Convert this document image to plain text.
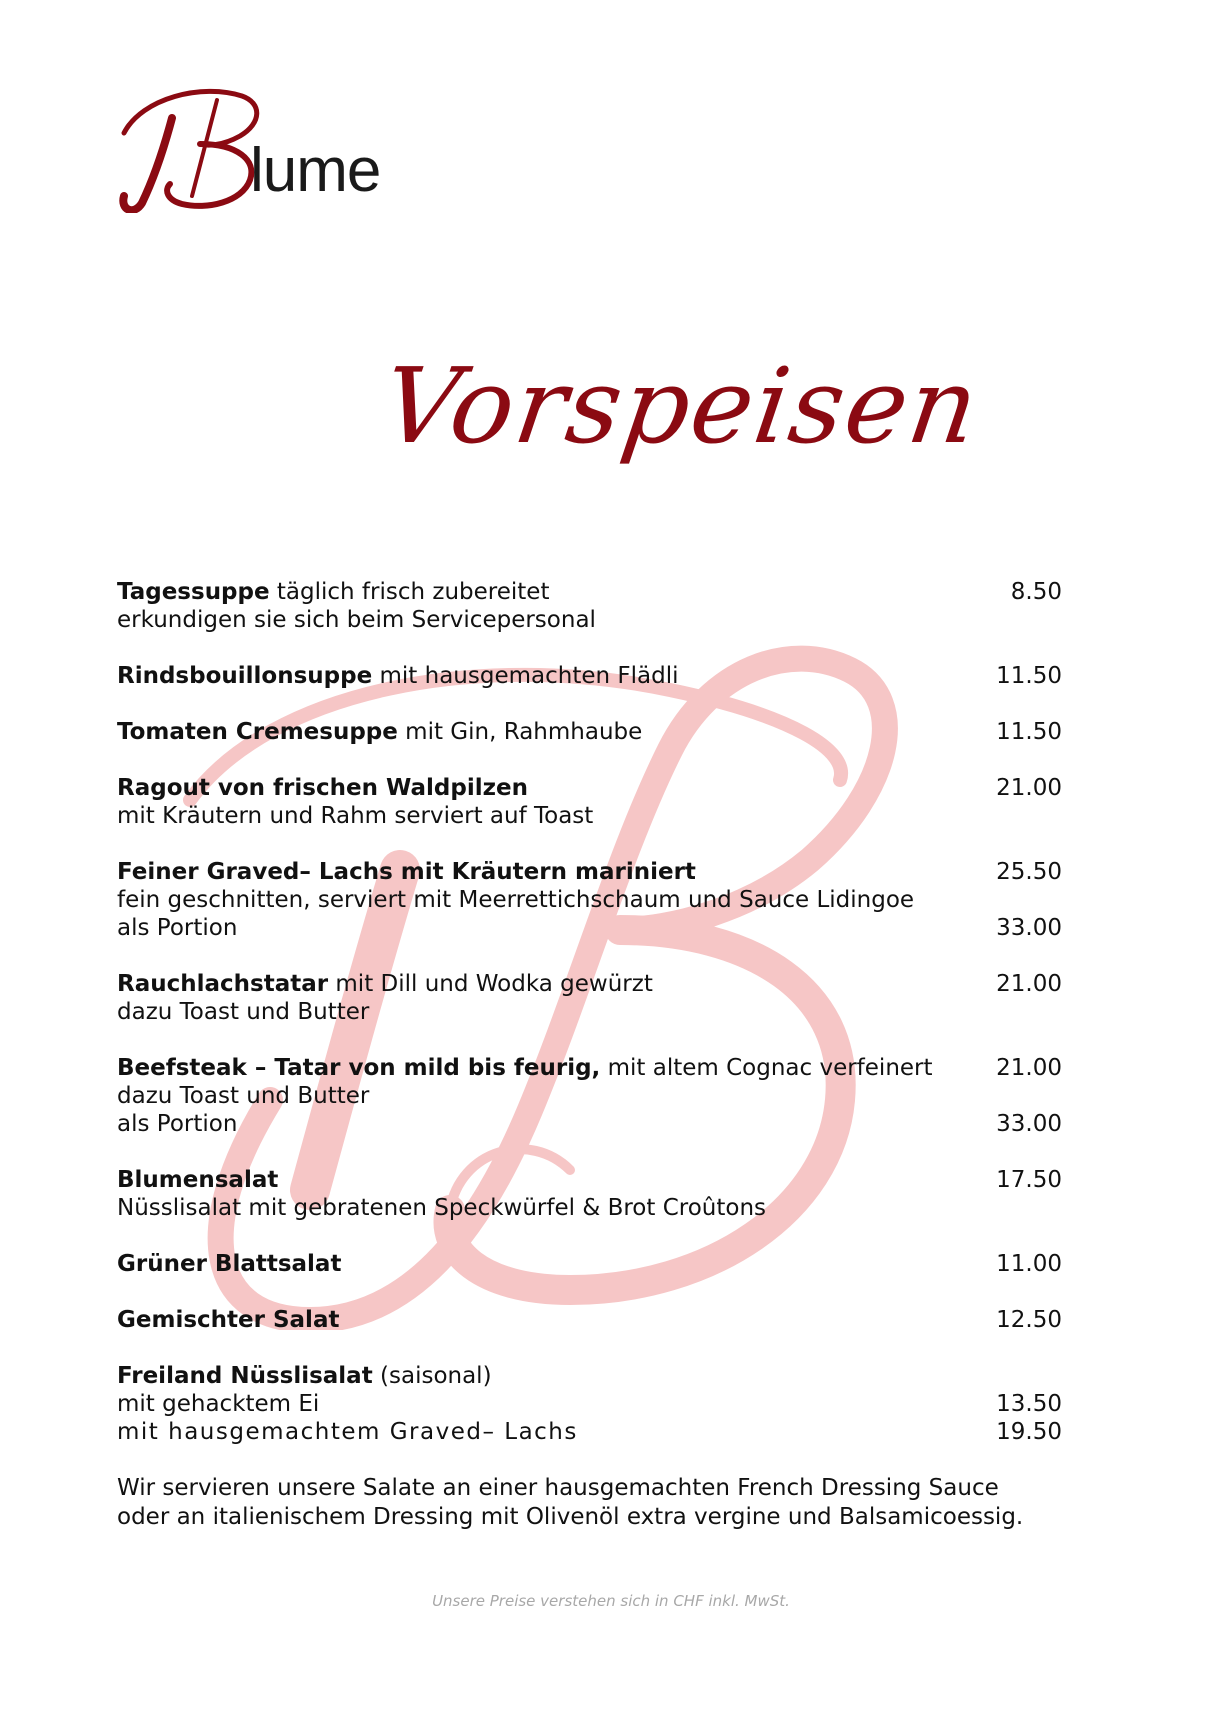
lume
Vorspeisen
Tagessuppe täglich frisch zubereitet	8.50
erkundigen sie sich beim Servicepersonal
Rindsbouillonsuppe mit hausgemachten Flädli	11.50
Tomaten Cremesuppe mit Gin, Rahmhaube	11.50
Ragout von frischen Waldpilzen	21.00
mit Kräutern und Rahm serviert auf Toast
Feiner Graved– Lachs mit Kräutern mariniert	25.50
fein geschnitten, serviert mit Meerrettichschaum und Sauce Lidingoe
als Portion	33.00
Rauchlachstatar mit Dill und Wodka gewürzt	21.00
dazu Toast und Butter
Beefsteak – Tatar von mild bis feurig, mit altem Cognac verfeinert	21.00
dazu Toast und Butter
als Portion	33.00
Blumensalat	17.50
Nüsslisalat mit gebratenen Speckwürfel & Brot Croûtons
Grüner Blattsalat	11.00
Gemischter Salat	12.50
Freiland Nüsslisalat (saisonal)
mit gehacktem Ei	13.50
mit hausgemachtem Graved– Lachs	19.50
Wir servieren unsere Salate an einer hausgemachten French Dressing Sauce
oder an italienischem Dressing mit Olivenöl extra vergine und Balsamicoessig.
Unsere Preise verstehen sich in CHF inkl. MwSt.
